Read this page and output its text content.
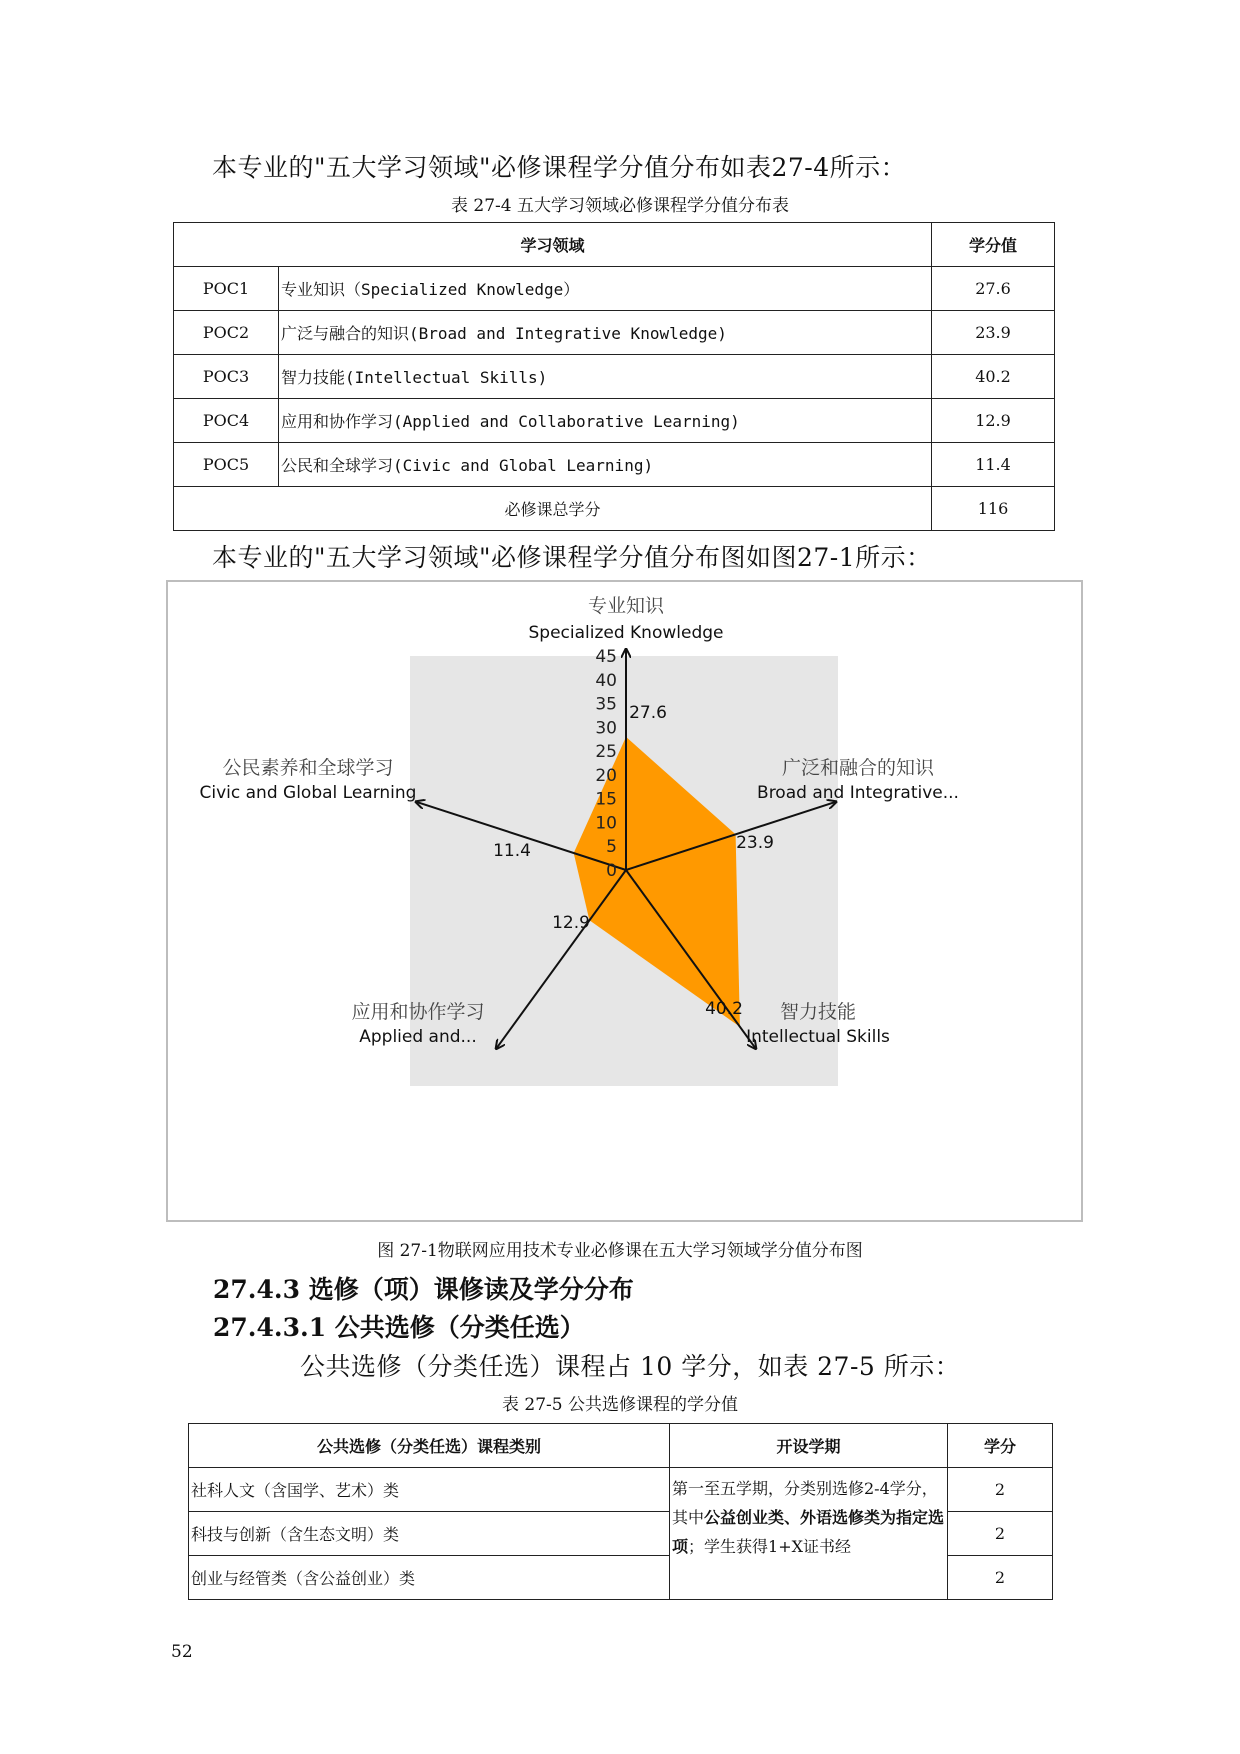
本专业的"五大学习领域"必修课程学分值分布如表27-4所示：
表 27-4 五大学习领域必修课程学分值分布表
学习领域		学分值
POC1	专业知识（Specialized Knowledge）	27.6
POC2	广泛与融合的知识(Broad and Integrative Knowledge)	23.9
POC3	智力技能(Intellectual Skills)	40.2
POC4	应用和协作学习(Applied and Collaborative Learning)	12.9
POC5	公民和全球学习(Civic and Global Learning)	11.4
必修课总学分		116
本专业的"五大学习领域"必修课程学分值分布图如图27-1所示：
0
5
10
15
20
25
30
35
40
45
专业知识
Specialized Knowledge
广泛和融合的知识
Broad and Integrative...
智力技能
Intellectual Skills
应用和协作学习
Applied and...
公民素养和全球学习
Civic and Global Learning
27.6
23.9
40.2
12.9
11.4
图 27-1物联网应用技术专业必修课在五大学习领域学分值分布图
27.4.3 选修（项）课修读及学分分布
27.4.3.1 公共选修（分类任选）
公共选修（分类任选）课程占 10 学分，如表 27-5 所示：
表 27-5 公共选修课程的学分值
公共选修（分类任选）课程类别	开设学期	学分
社科人文（含国学、艺术）类	第一至五学期，分类别选修2-4学分，其中公益创业类、外语选修类为指定选项；学生获得1+X证书经	2
科技与创新（含生态文明）类		2
创业与经管类（含公益创业）类		2
52
